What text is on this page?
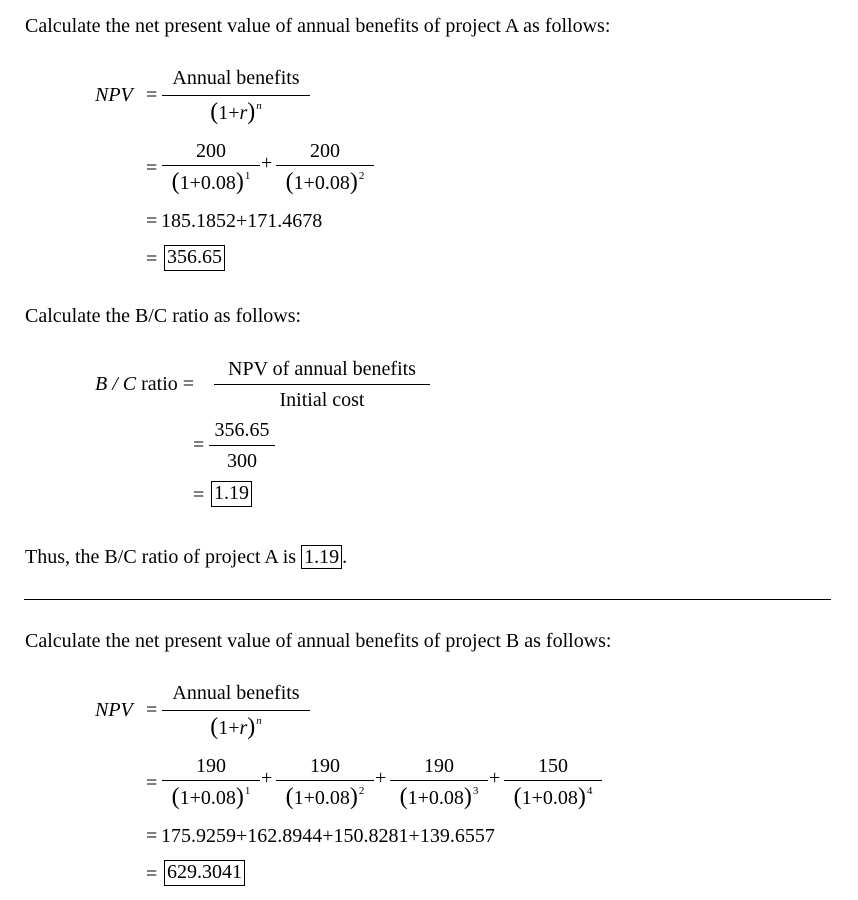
Calculate the net present value of annual benefits of project A as follows:
NPV =
Annual benefits
$(1+r)^n$
=
200
$(1+0.08)^1$
+
200
$(1+0.08)^2$
= 185.1852+171.4678
= 356.65
Calculate the B/C ratio as follows:
B / C ratio =
NPV of annual benefits
Initial cost
=
356.65
300
= 1.19
Thus, the B/C ratio of project A is 1.19 .
Calculate the net present value of annual benefits of project B as follows:
NPV =
Annual benefits
$(1+r)^n$
=
190
$(1+0.08)^1$
+
190
$(1+0.08)^2$
+
190
$(1+0.08)^3$
+
150
$(1+0.08)^4$
= 175.9259+162.8944+150.8281+139.6557
= 629.3041
